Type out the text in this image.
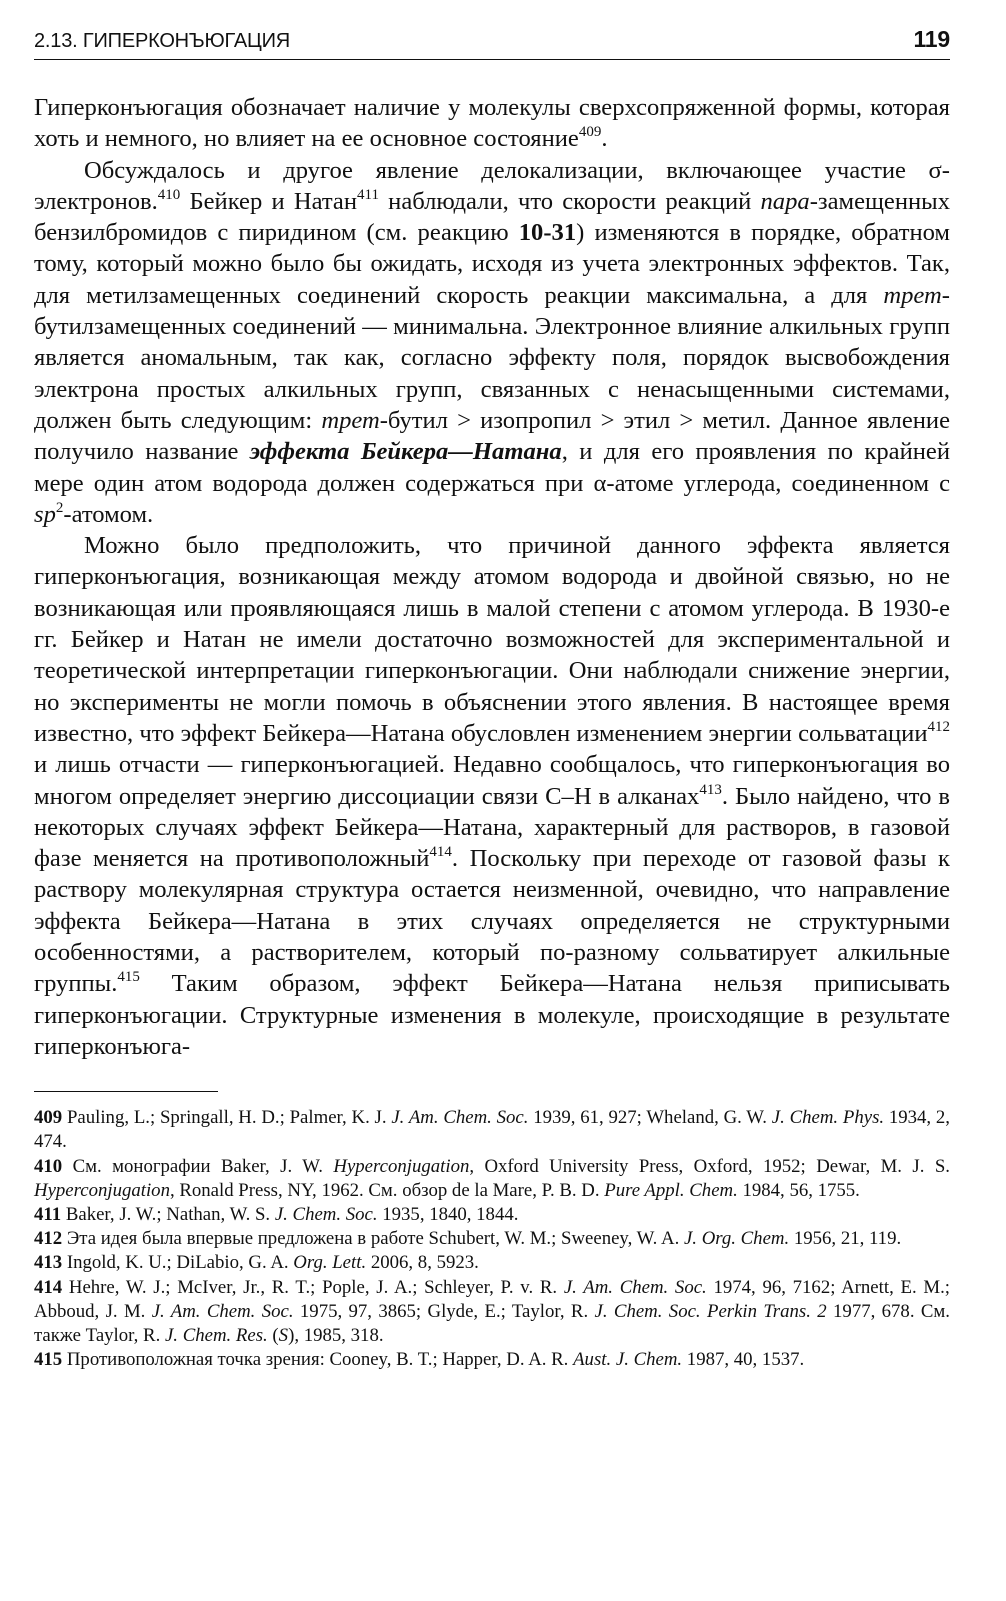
2.13. ГИПЕРКОНЪЮГАЦИЯ	119

Гиперконъюгация обозначает наличие у молекулы сверхсопряженной формы, которая хоть и немного, но влияет на ее основное состояние$^{409}$.

Обсуждалось и другое явление делокализации, включающее участие σ-электронов.$^{410}$ Бейкер и Натан$^{411}$ наблюдали, что скорости реакций пара-замещенных бензилбромидов с пиридином (см. реакцию 10-31) изменяются в порядке, обратном тому, который можно было бы ожидать, исходя из учета электронных эффектов. Так, для метилзамещенных соединений скорость реакции максимальна, а для трет-бутилзамещенных соединений — минимальна. Электронное влияние алкильных групп является аномальным, так как, согласно эффекту поля, порядок высвобождения электрона простых алкильных групп, связанных с ненасыщенными системами, должен быть следующим: трет-бутил > изопропил > этил > метил. Данное явление получило название эффекта Бейкера—Натана, и для его проявления по крайней мере один атом водорода должен содержаться при α-атоме углерода, соединенном с $sp^2$-атомом.

Можно было предположить, что причиной данного эффекта является гиперконъюгация, возникающая между атомом водорода и двойной связью, но не возникающая или проявляющаяся лишь в малой степени с атомом углерода. В 1930-е гг. Бейкер и Натан не имели достаточно возможностей для экспериментальной и теоретической интерпретации гиперконъюгации. Они наблюдали снижение энергии, но эксперименты не могли помочь в объяснении этого явления. В настоящее время известно, что эффект Бейкера—Натана обусловлен изменением энергии сольватации$^{412}$ и лишь отчасти — гиперконъюгацией. Недавно сообщалось, что гиперконъюгация во многом определяет энергию диссоциации связи С–Н в алканах$^{413}$. Было найдено, что в некоторых случаях эффект Бейкера—Натана, характерный для растворов, в газовой фазе меняется на противоположный$^{414}$. Поскольку при переходе от газовой фазы к раствору молекулярная структура остается неизменной, очевидно, что направление эффекта Бейкера—Натана в этих случаях определяется не структурными особенностями, а растворителем, который по-разному сольватирует алкильные группы.$^{415}$ Таким образом, эффект Бейкера—Натана нельзя приписывать гиперконъюгации. Структурные изменения в молекуле, происходящие в результате гиперконъюга-

409 Pauling, L.; Springall, H. D.; Palmer, K. J. J. Am. Chem. Soc. 1939, 61, 927; Wheland, G. W. J. Chem. Phys. 1934, 2, 474.

410 См. монографии Baker, J. W. Hyperconjugation, Oxford University Press, Oxford, 1952; Dewar, M. J. S. Hyperconjugation, Ronald Press, NY, 1962. См. обзор de la Mare, P. B. D. Pure Appl. Chem. 1984, 56, 1755.

411 Baker, J. W.; Nathan, W. S. J. Chem. Soc. 1935, 1840, 1844.

412 Эта идея была впервые предложена в работе Schubert, W. M.; Sweeney, W. A. J. Org. Chem. 1956, 21, 119.

413 Ingold, K. U.; DiLabio, G. A. Org. Lett. 2006, 8, 5923.

414 Hehre, W. J.; McIver, Jr., R. T.; Pople, J. A.; Schleyer, P. v. R. J. Am. Chem. Soc. 1974, 96, 7162; Arnett, E. M.; Abboud, J. M. J. Am. Chem. Soc. 1975, 97, 3865; Glyde, E.; Taylor, R. J. Chem. Soc. Perkin Trans. 2 1977, 678. См. также Taylor, R. J. Chem. Res. (S), 1985, 318.

415 Противоположная точка зрения: Cooney, B. T.; Happer, D. A. R. Aust. J. Chem. 1987, 40, 1537.
